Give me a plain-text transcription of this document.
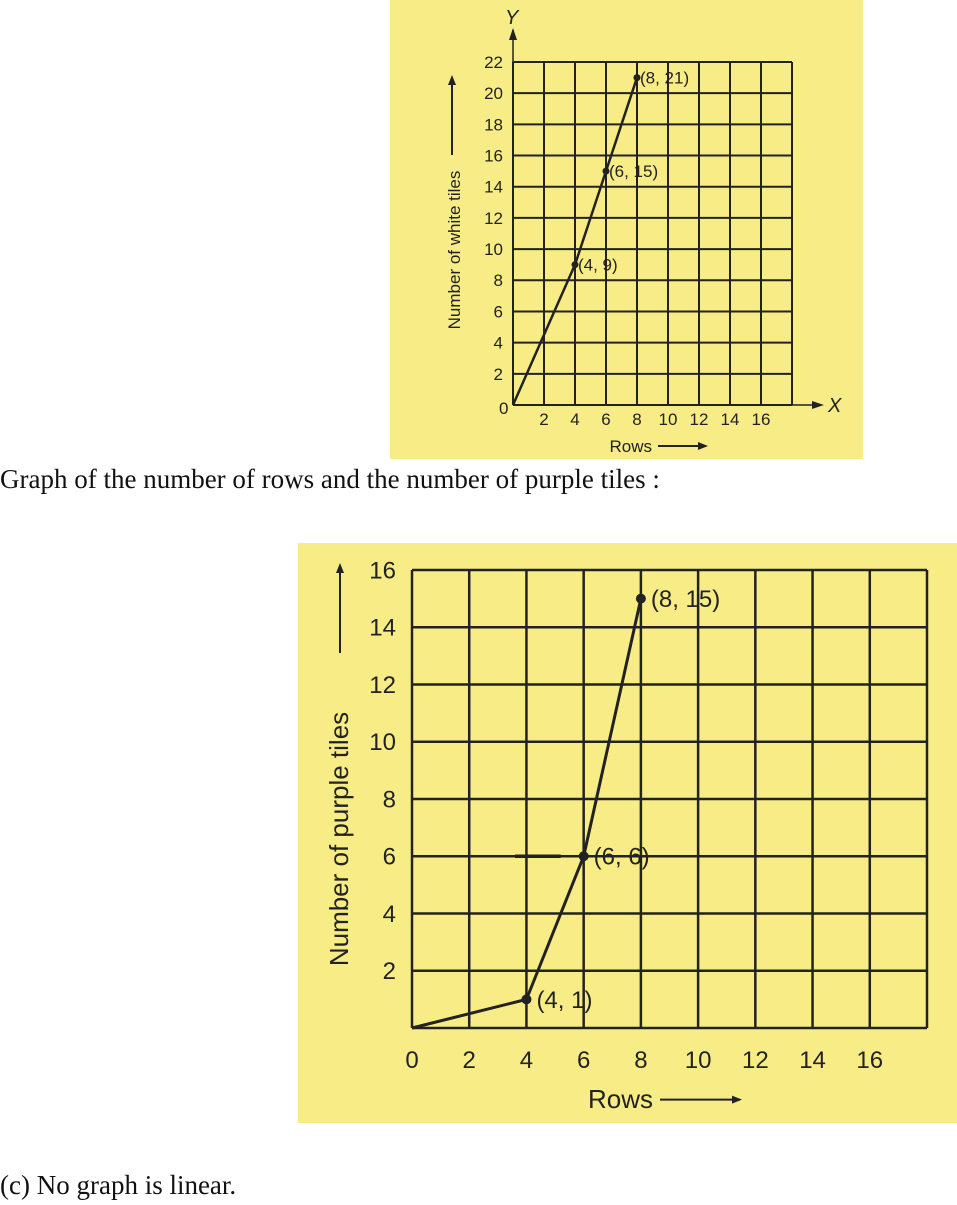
X
Y
0
2 4 6 8 10 12 14 16
2
4
6
8
10
12
14
16
18
20
22
Rows
Number of white tiles	(4, 9)
(6, 15)
(8, 21)
Graph of the number of rows and the number of purple tiles :
0 2 4 6 8 10 12 14 16
2
4
6
8
10
12
14
16
Rows
Number of purple tiles
(4, 1)
(6, 6)
(8, 15)
(c) No graph is linear.
